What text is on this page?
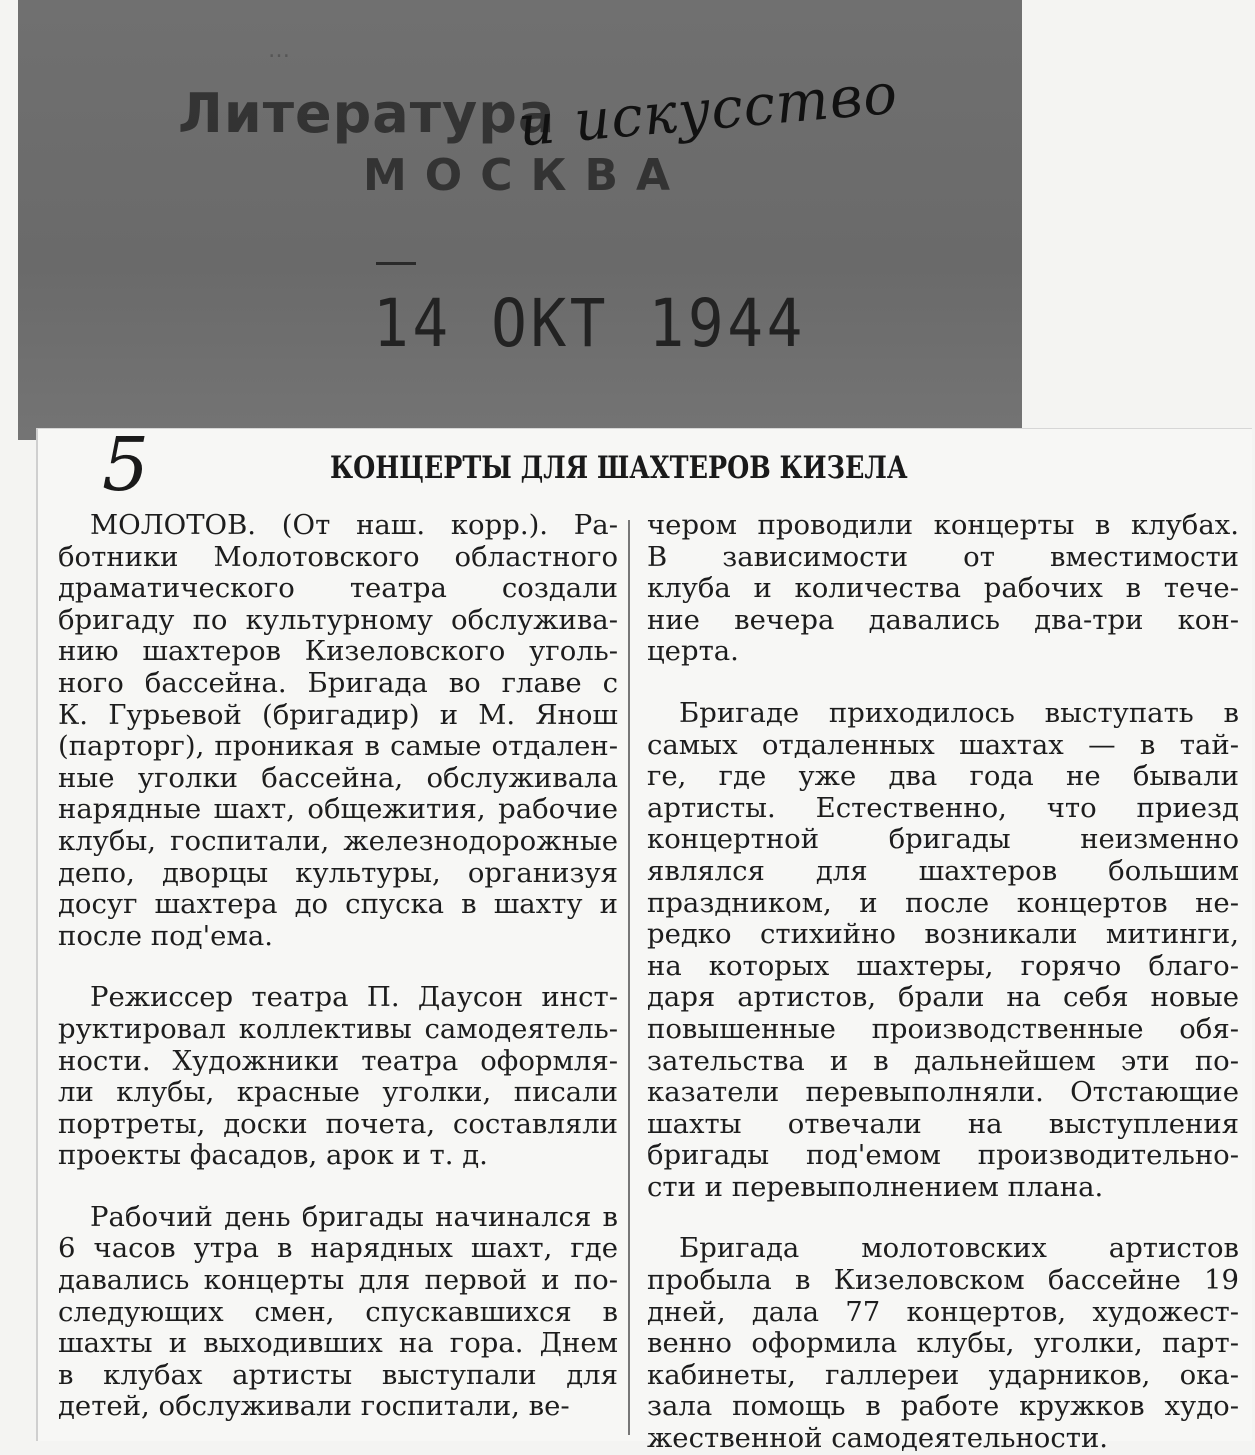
…
Литература
МОСКВА
14 ОКТ 1944
и искусство
5	КОНЦЕРТЫ ДЛЯ ШАХТЕРОВ КИЗЕЛА
МОЛОТОВ. (От наш. корр.). Ра-
ботники Молотовского областного
драматического театра создали
бригаду по культурному обслужива-
нию шахтеров Кизеловского уголь-
ного бассейна. Бригада во главе с
К. Гурьевой (бригадир) и М. Янош
(парторг), проникая в самые отдален-
ные уголки бассейна, обслуживала
нарядные шахт, общежития, рабочие
клубы, госпитали, железнодорожные
депо, дворцы культуры, организуя
досуг шахтера до спуска в шахту и
после под'ема.
Режиссер театра П. Даусон инст-
руктировал коллективы самодеятель-
ности. Художники театра оформля-
ли клубы, красные уголки, писали
портреты, доски почета, составляли
проекты фасадов, арок и т. д.
Рабочий день бригады начинался в
6 часов утра в нарядных шахт, где
давались концерты для первой и по-
следующих смен, спускавшихся в
шахты и выходивших на гора. Днем
в клубах артисты выступали для
детей, обслуживали госпитали, ве-
чером проводили концерты в клубах.
В зависимости от вместимости
клуба и количества рабочих в тече-
ние вечера давались два-три кон-
церта.
Бригаде приходилось выступать в
самых отдаленных шахтах — в тай-
ге, где уже два года не бывали
артисты. Естественно, что приезд
концертной бригады неизменно
являлся для шахтеров большим
праздником, и после концертов не-
редко стихийно возникали митинги,
на которых шахтеры, горячо благо-
даря артистов, брали на себя новые
повышенные производственные обя-
зательства и в дальнейшем эти по-
казатели перевыполняли. Отстающие
шахты отвечали на выступления
бригады под'емом производительно-
сти и перевыполнением плана.
Бригада молотовских артистов
пробыла в Кизеловском бассейне 19
дней, дала 77 концертов, художест-
венно оформила клубы, уголки, парт-
кабинеты, галлереи ударников, ока-
зала помощь в работе кружков худо-
жественной самодеятельности.
